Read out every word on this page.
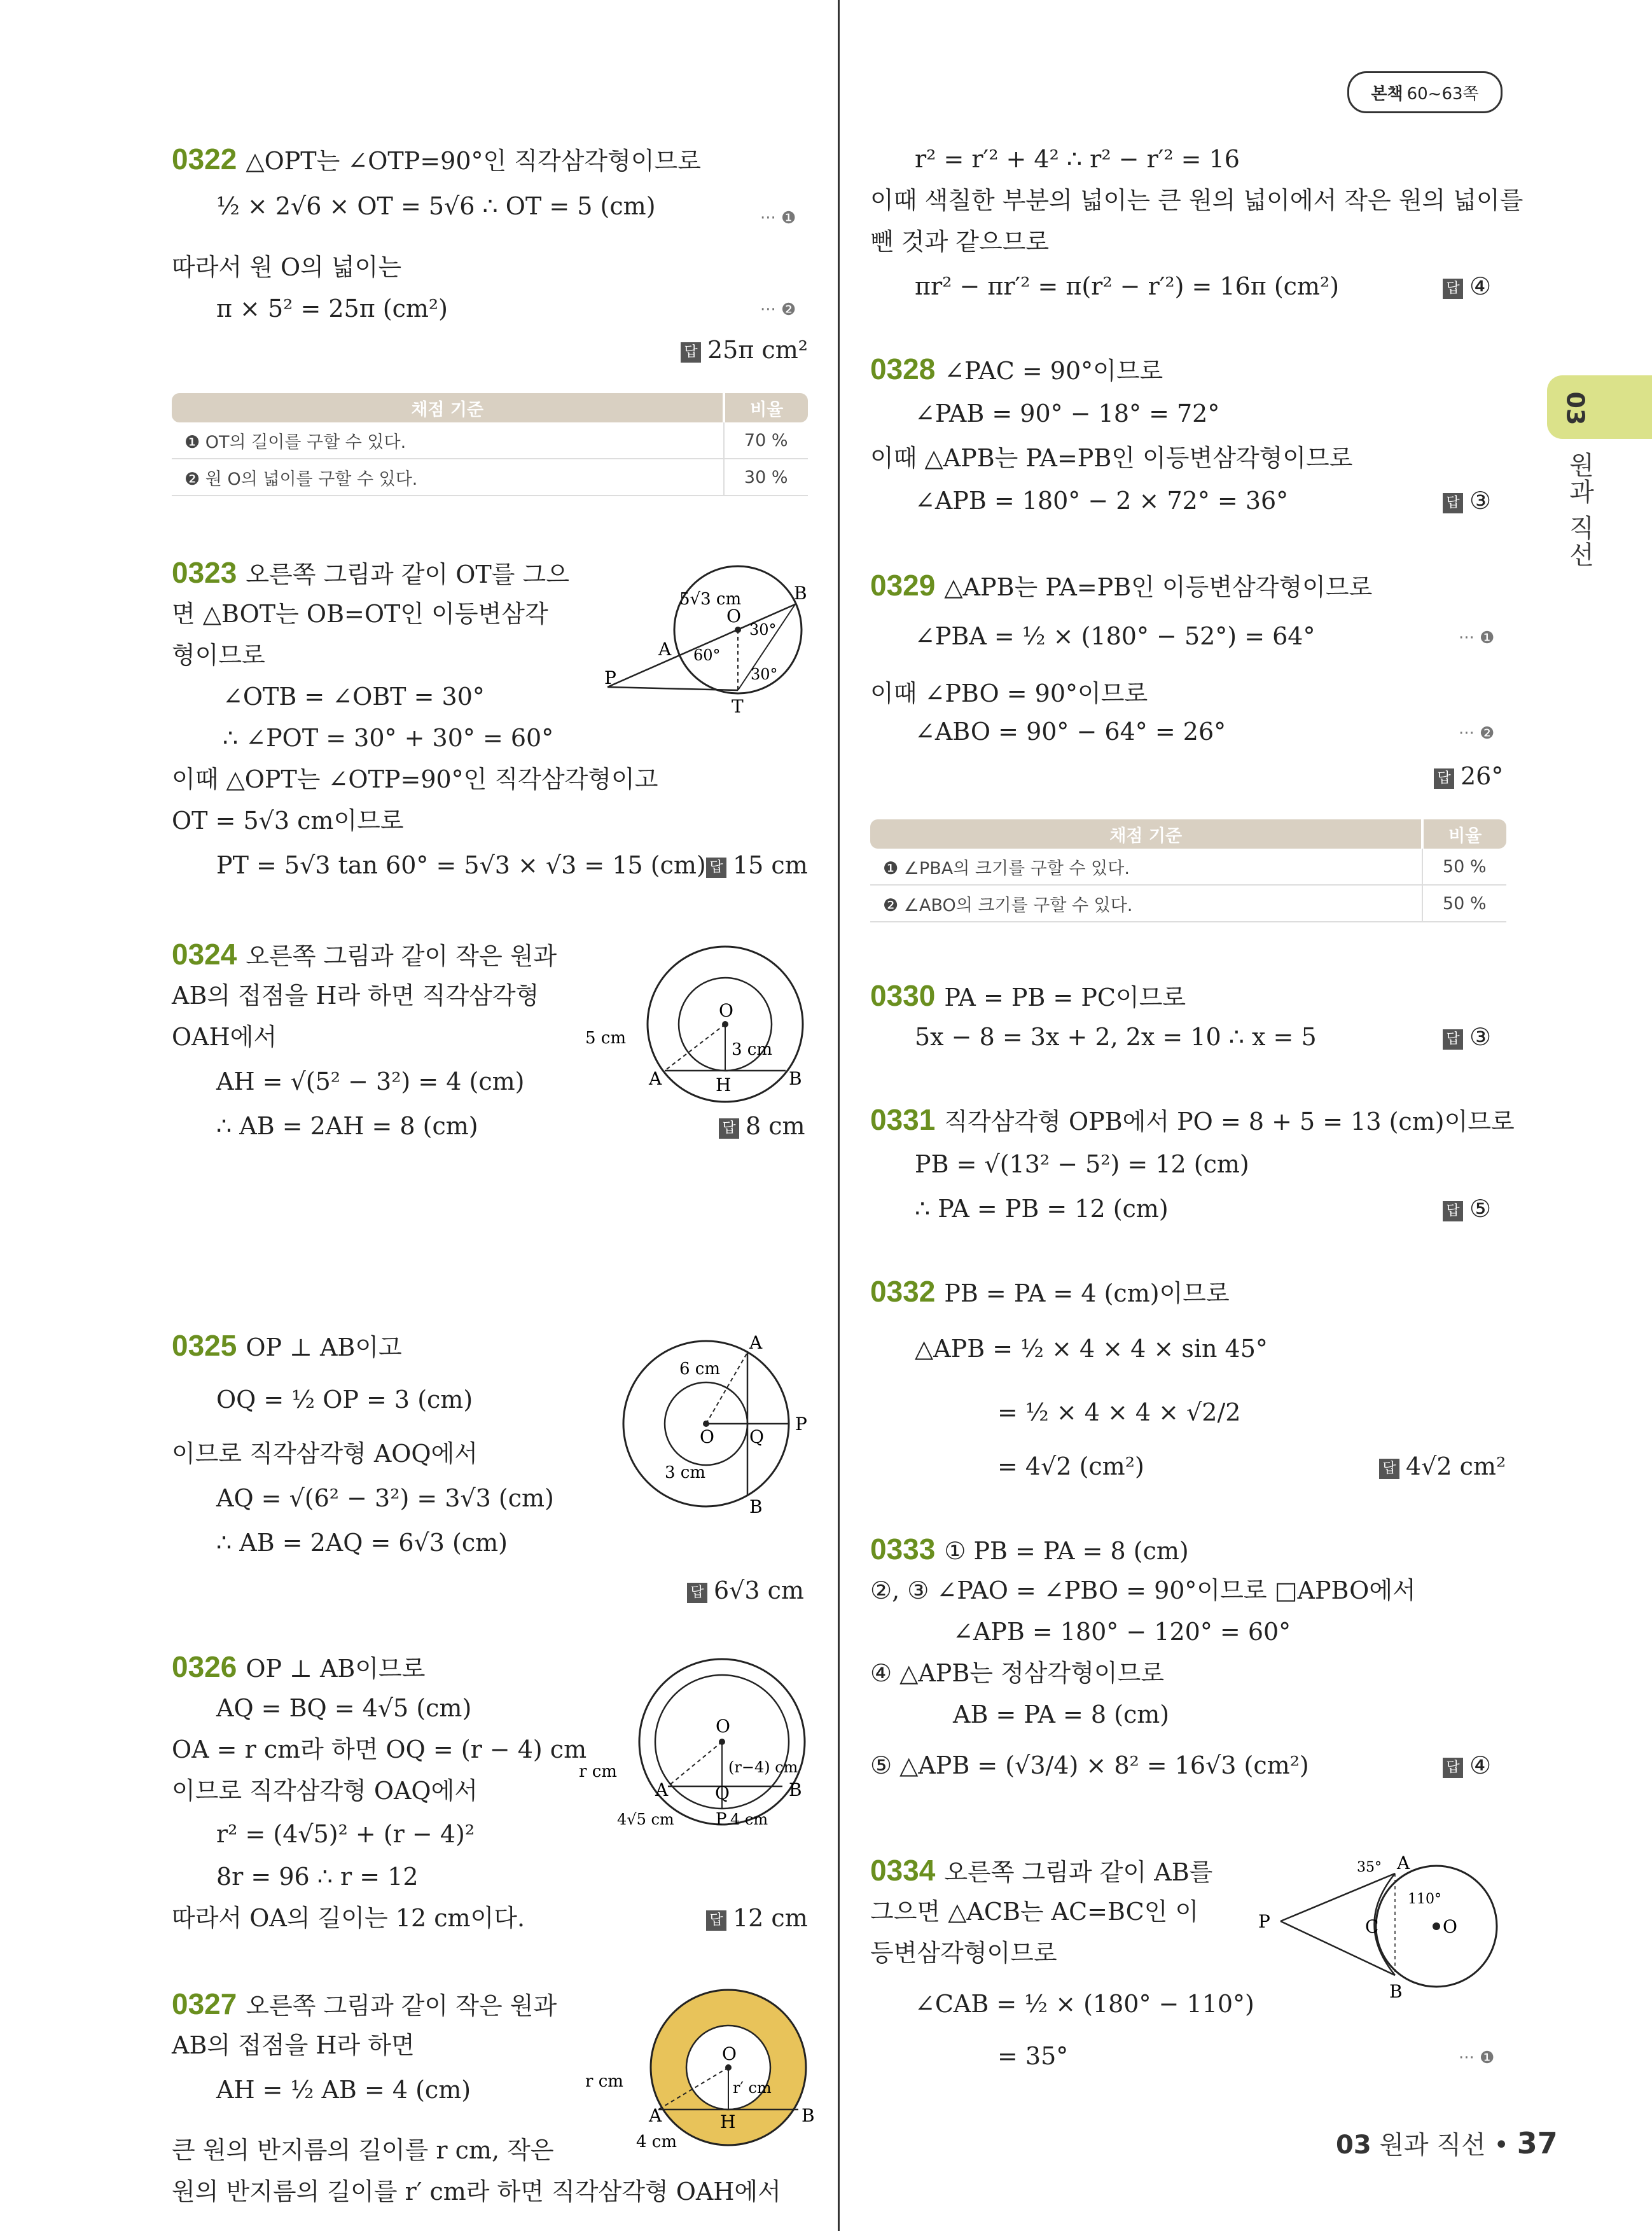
본책 60~63쪽
03
원과 직선
0322 △OPT는 ∠OTP=90°인 직각삼각형이므로
½ × 2√6 × OT = 5√6 ∴ OT = 5 (cm)	··· ❶
따라서 원 O의 넓이는
π × 5² = 25π (cm²)	··· ❷
답 25π cm²
채점 기준	비율
❶ OT의 길이를 구할 수 있다.	70 %
❷ 원 O의 넓이를 구할 수 있다.	30 %
0323 오른쪽 그림과 같이 OT를 그으
면 △BOT는 OB=OT인 이등변삼각
형이므로
∠OTB = ∠OBT = 30°
∴ ∠POT = 30° + 30° = 60°
이때 △OPT는 ∠OTP=90°인 직각삼각형이고
OT = 5√3 cm이므로
PT = 5√3 tan 60° = 5√3 × √3 = 15 (cm) 답 15 cm
B
A
O
P
T
5√3 cm
30°
30°
60°
0324 오른쪽 그림과 같이 작은 원과
AB의 접점을 H라 하면 직각삼각형
OAH에서
AH = √(5² − 3²) = 4 (cm)
∴ AB = 2AH = 8 (cm)	답 8 cm
O
5 cm
3 cm
A	B
H
0325 OP ⊥ AB이고
OQ = ½ OP = 3 (cm)
이므로 직각삼각형 AOQ에서
AQ = √(6² − 3²) = 3√3 (cm)
∴ AB = 2AQ = 6√3 (cm)
답 6√3 cm
A
B
O
P
Q
6 cm
3 cm
0326 OP ⊥ AB이므로
AQ = BQ = 4√5 (cm)
OA = r cm라 하면 OQ = (r − 4) cm
이므로 직각삼각형 OAQ에서
r² = (4√5)² + (r − 4)²
8r = 96 ∴ r = 12
따라서 OA의 길이는 12 cm이다.	답 12 cm
O
r cm	(r−4) cm
A	B
Q
P
4√5 cm	4 cm
0327 오른쪽 그림과 같이 작은 원과
AB의 접점을 H라 하면
AH = ½ AB = 4 (cm)
큰 원의 반지름의 길이를 r cm, 작은
원의 반지름의 길이를 r′ cm라 하면 직각삼각형 OAH에서
O
r cm	r′ cm
A	B
H
4 cm
r² = r′² + 4² ∴ r² − r′² = 16
이때 색칠한 부분의 넓이는 큰 원의 넓이에서 작은 원의 넓이를
뺀 것과 같으므로
πr² − πr′² = π(r² − r′²) = 16π (cm²)	답 ④
0328 ∠PAC = 90°이므로
∠PAB = 90° − 18° = 72°
이때 △APB는 PA=PB인 이등변삼각형이므로
∠APB = 180° − 2 × 72° = 36°	답 ③
0329 △APB는 PA=PB인 이등변삼각형이므로
∠PBA = ½ × (180° − 52°) = 64°	··· ❶
이때 ∠PBO = 90°이므로
∠ABO = 90° − 64° = 26°	··· ❷
답 26°
채점 기준	비율
❶ ∠PBA의 크기를 구할 수 있다.	50 %
❷ ∠ABO의 크기를 구할 수 있다.	50 %
0330 PA = PB = PC이므로
5x − 8 = 3x + 2, 2x = 10 ∴ x = 5	답 ③
0331 직각삼각형 OPB에서 PO = 8 + 5 = 13 (cm)이므로
PB = √(13² − 5²) = 12 (cm)
∴ PA = PB = 12 (cm)	답 ⑤
0332 PB = PA = 4 (cm)이므로
△APB = ½ × 4 × 4 × sin 45°
= ½ × 4 × 4 × √2/2
= 4√2 (cm²)	답 4√2 cm²
0333 ① PB = PA = 8 (cm)
②, ③ ∠PAO = ∠PBO = 90°이므로 □APBO에서
∠APB = 180° − 120° = 60°
④ △APB는 정삼각형이므로
AB = PA = 8 (cm)
⑤ △APB = (√3/4) × 8² = 16√3 (cm²)	답 ④
0334 오른쪽 그림과 같이 AB를
그으면 △ACB는 AC=BC인 이
등변삼각형이므로
∠CAB = ½ × (180° − 110°)
= 35°	··· ❶
A
35°
110°
P	C	O
B
03 원과 직선 • 37
